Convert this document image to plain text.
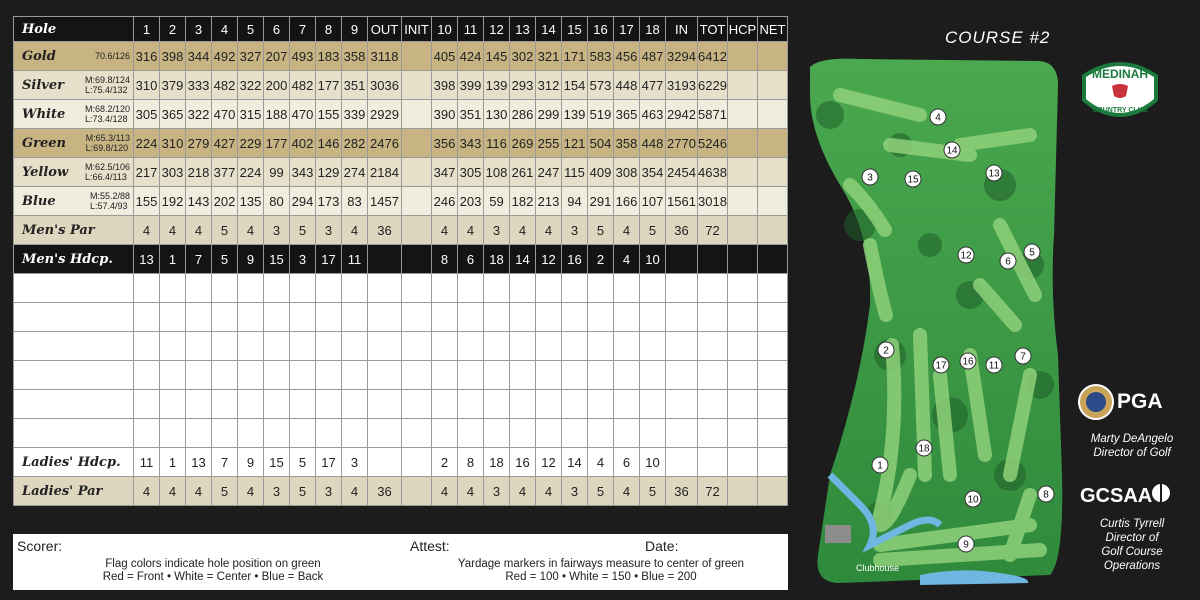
Hole	1	2	3	4	5	6	7	8	9	OUT	INIT	10	11	12	13	14	15	16	17	18	IN	TOT	HCP	NET

Gold 70.6/126	316	398	344	492	327	207	493	183	358	3118		405	424	145	302	321	171	583	456	487	3294	6412		

Silver M:69.8/124
L:75.4/132	310	379	333	482	322	200	482	177	351	3036		398	399	139	293	312	154	573	448	477	3193	6229		

White M:68.2/120
L:73.4/128	305	365	322	470	315	188	470	155	339	2929		390	351	130	286	299	139	519	365	463	2942	5871		

Green M:65.3/113
L:69.8/120	224	310	279	427	229	177	402	146	282	2476		356	343	116	269	255	121	504	358	448	2770	5246		

Yellow M:62.5/106
L:66.4/113	217	303	218	377	224	99	343	129	274	2184		347	305	108	261	247	115	409	308	354	2454	4638		

Blue M:55.2/88
L:57.4/93	155	192	143	202	135	80	294	173	83	1457		246	203	59	182	213	94	291	166	107	1561	3018		
Men's Par	4	4	4	5	4	3	5	3	4	36		4	4	3	4	4	3	5	4	5	36	72		
Men's Hdcp.	13	1	7	5	9	15	3	17	11			8	6	18	14	12	16	2	4	10				

Ladies' Hdcp.	11	1	13	7	9	15	5	17	3			2	8	18	16	12	14	4	6	10				
Ladies' Par	4	4	4	5	4	3	5	3	4	36		4	4	3	4	4	3	5	4	5	36	72		
Scorer:	Attest:	Date:
Flag colors indicate hole position on green
Red = Front • White = Center • Blue = Back
Yardage markers in fairways measure to center of green
Red = 100 • White = 150 • Blue = 200
COURSE #2
1
2
3
4
5
6
7
8
9
10
11
12
13
14
15
16
17
18
Clubhouse
MEDINAH
COUNTRY CLUB
PGA
Marty DeAngelo
Director of Golf
GCSAA
Curtis Tyrrell
Director of
Golf Course
Operations
